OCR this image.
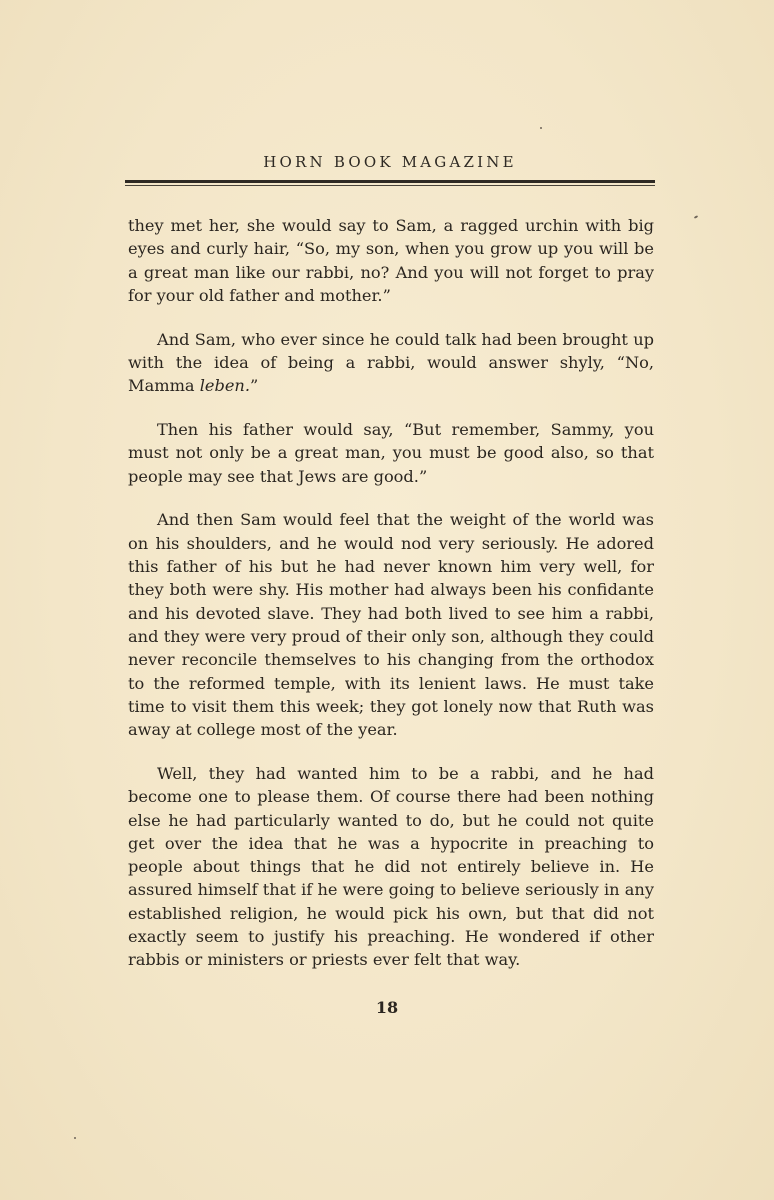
HORN BOOK MAGAZINE

they met her, she would say to Sam, a ragged urchin with big eyes and curly hair, “So, my son, when you grow up you will be a great man like our rabbi, no? And you will not forget to pray for your old father and mother.”

And Sam, who ever since he could talk had been brought up with the idea of being a rabbi, would answer shyly, “No, Mamma leben.”

Then his father would say, “But remember, Sammy, you must not only be a great man, you must be good also, so that people may see that Jews are good.”

And then Sam would feel that the weight of the world was on his shoulders, and he would nod very seriously. He adored this father of his but he had never known him very well, for they both were shy. His mother had always been his confidante and his devoted slave. They had both lived to see him a rabbi, and they were very proud of their only son, although they could never reconcile themselves to his changing from the orthodox to the reformed temple, with its lenient laws. He must take time to visit them this week; they got lonely now that Ruth was away at college most of the year.

Well, they had wanted him to be a rabbi, and he had become one to please them. Of course there had been nothing else he had particularly wanted to do, but he could not quite get over the idea that he was a hypocrite in preaching to people about things that he did not entirely believe in. He assured himself that if he were going to believe seriously in any established religion, he would pick his own, but that did not exactly seem to justify his preaching. He wondered if other rabbis or ministers or priests ever felt that way.

18
